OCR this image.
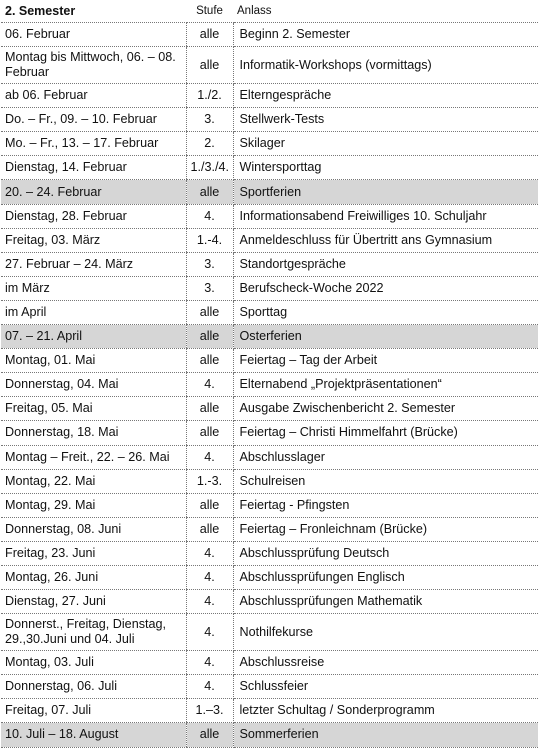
2. Semester	Stufe	Anlass
06. Februar	alle	Beginn 2. Semester
Montag bis Mittwoch, 06. – 08. Februar	alle	Informatik-Workshops (vormittags)
ab 06. Februar	1./2.	Elterngespräche
Do. – Fr., 09. – 10. Februar	3.	Stellwerk-Tests
Mo. – Fr., 13. – 17. Februar	2.	Skilager
Dienstag, 14. Februar	1./3./4.	Wintersporttag
20. – 24. Februar	alle	Sportferien
Dienstag, 28. Februar	4.	Informationsabend Freiwilliges 10. Schuljahr
Freitag, 03. März	1.-4.	Anmeldeschluss für Übertritt ans Gymnasium
27. Februar – 24. März	3.	Standortgespräche
im März	3.	Berufscheck-Woche 2022
im April	alle	Sporttag
07. – 21. April	alle	Osterferien
Montag, 01. Mai	alle	Feiertag – Tag der Arbeit
Donnerstag, 04. Mai	4.	Elternabend „Projektpräsentationen“
Freitag, 05. Mai	alle	Ausgabe Zwischenbericht 2. Semester
Donnerstag, 18. Mai	alle	Feiertag – Christi Himmelfahrt (Brücke)
Montag – Freit., 22. – 26. Mai	4.	Abschlusslager
Montag, 22. Mai	1.-3.	Schulreisen
Montag, 29. Mai	alle	Feiertag - Pfingsten
Donnerstag, 08. Juni	alle	Feiertag – Fronleichnam (Brücke)
Freitag, 23. Juni	4.	Abschlussprüfung Deutsch
Montag, 26. Juni	4.	Abschlussprüfungen Englisch
Dienstag, 27. Juni	4.	Abschlussprüfungen Mathematik
Donnerst., Freitag, Dienstag, 29.,30.Juni und 04. Juli	4.	Nothilfekurse
Montag, 03. Juli	4.	Abschlussreise
Donnerstag, 06. Juli	4.	Schlussfeier
Freitag, 07. Juli	1.–3.	letzter Schultag / Sonderprogramm
10. Juli – 18. August	alle	Sommerferien
